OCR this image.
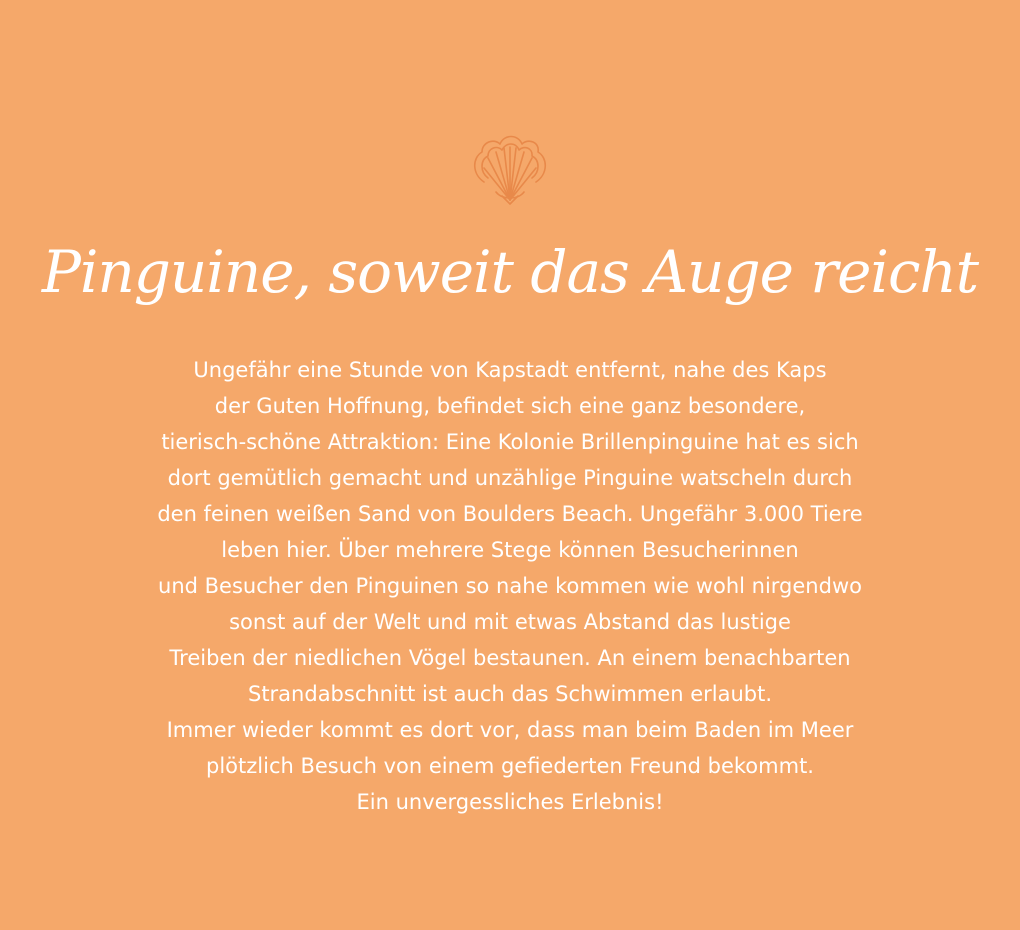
Pinguine, soweit das Auge reicht
Ungefähr eine Stunde von Kapstadt entfernt, nahe des Kaps
der Guten Hoffnung, befindet sich eine ganz besondere,
tierisch-schöne Attraktion: Eine Kolonie Brillenpinguine hat es sich
dort gemütlich gemacht und unzählige Pinguine watscheln durch
den feinen weißen Sand von Boulders Beach. Ungefähr 3.000 Tiere
leben hier. Über mehrere Stege können Besucherinnen
und Besucher den Pinguinen so nahe kommen wie wohl nirgendwo
sonst auf der Welt und mit etwas Abstand das lustige
Treiben der niedlichen Vögel bestaunen. An einem benachbarten
Strandabschnitt ist auch das Schwimmen erlaubt.
Immer wieder kommt es dort vor, dass man beim Baden im Meer
plötzlich Besuch von einem gefiederten Freund bekommt.
Ein unvergessliches Erlebnis!
